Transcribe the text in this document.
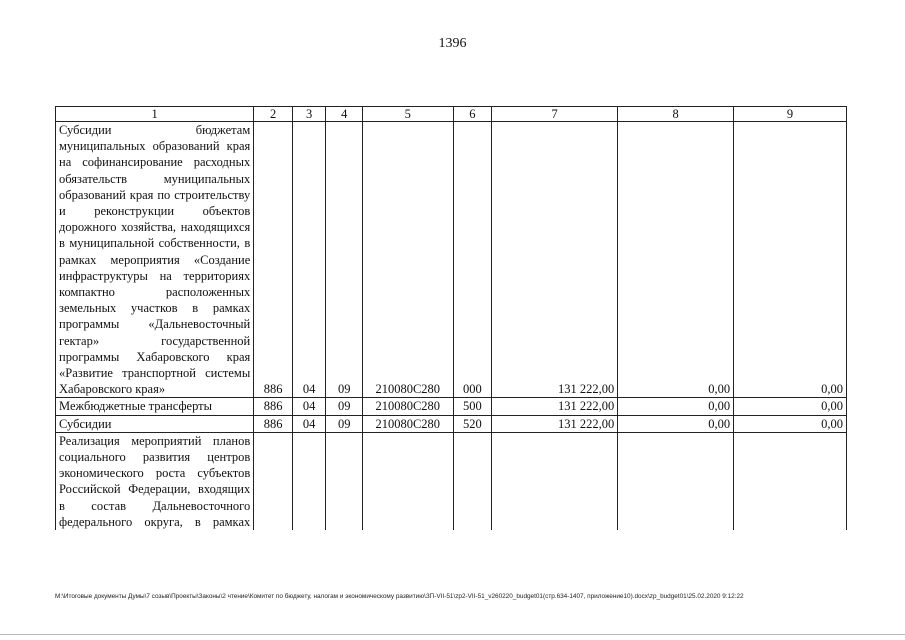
1396
1	2	3	4	5	6	7	8	9
Субсидии бюджетам муниципальных образований края на софинансирование расходных обязательств муниципальных образований края по строительству и реконструкции объектов дорожного хозяйства, находящихся в муниципальной собственности, в рамках мероприятия «Создание инфраструктуры на территориях компактно расположенных земельных участков в рамках программы «Дальневосточный гектар» государственной программы Хабаровского края «Развитие транспортной системы Хабаровского края»	886	04	09	210080С280	000	131 222,00	0,00	0,00
Межбюджетные трансферты	886	04	09	210080С280	500	131 222,00	0,00	0,00
Субсидии	886	04	09	210080С280	520	131 222,00	0,00	0,00
Реализация мероприятий планов социального развития центров экономического роста субъектов Российской Федерации, входящих в состав Дальневосточного федерального округа, в рамках								
M:\Итоговые документы Думы\7 созыв\Проекты\Законы\2 чтение\Комитет по бюджету, налогам и экономическому развитию\ЗП-VII-51\zp2-VII-51_v260220_budget01(стр.634-1407, приложение10).docx\zp_budget01\25.02.2020 9:12:22
